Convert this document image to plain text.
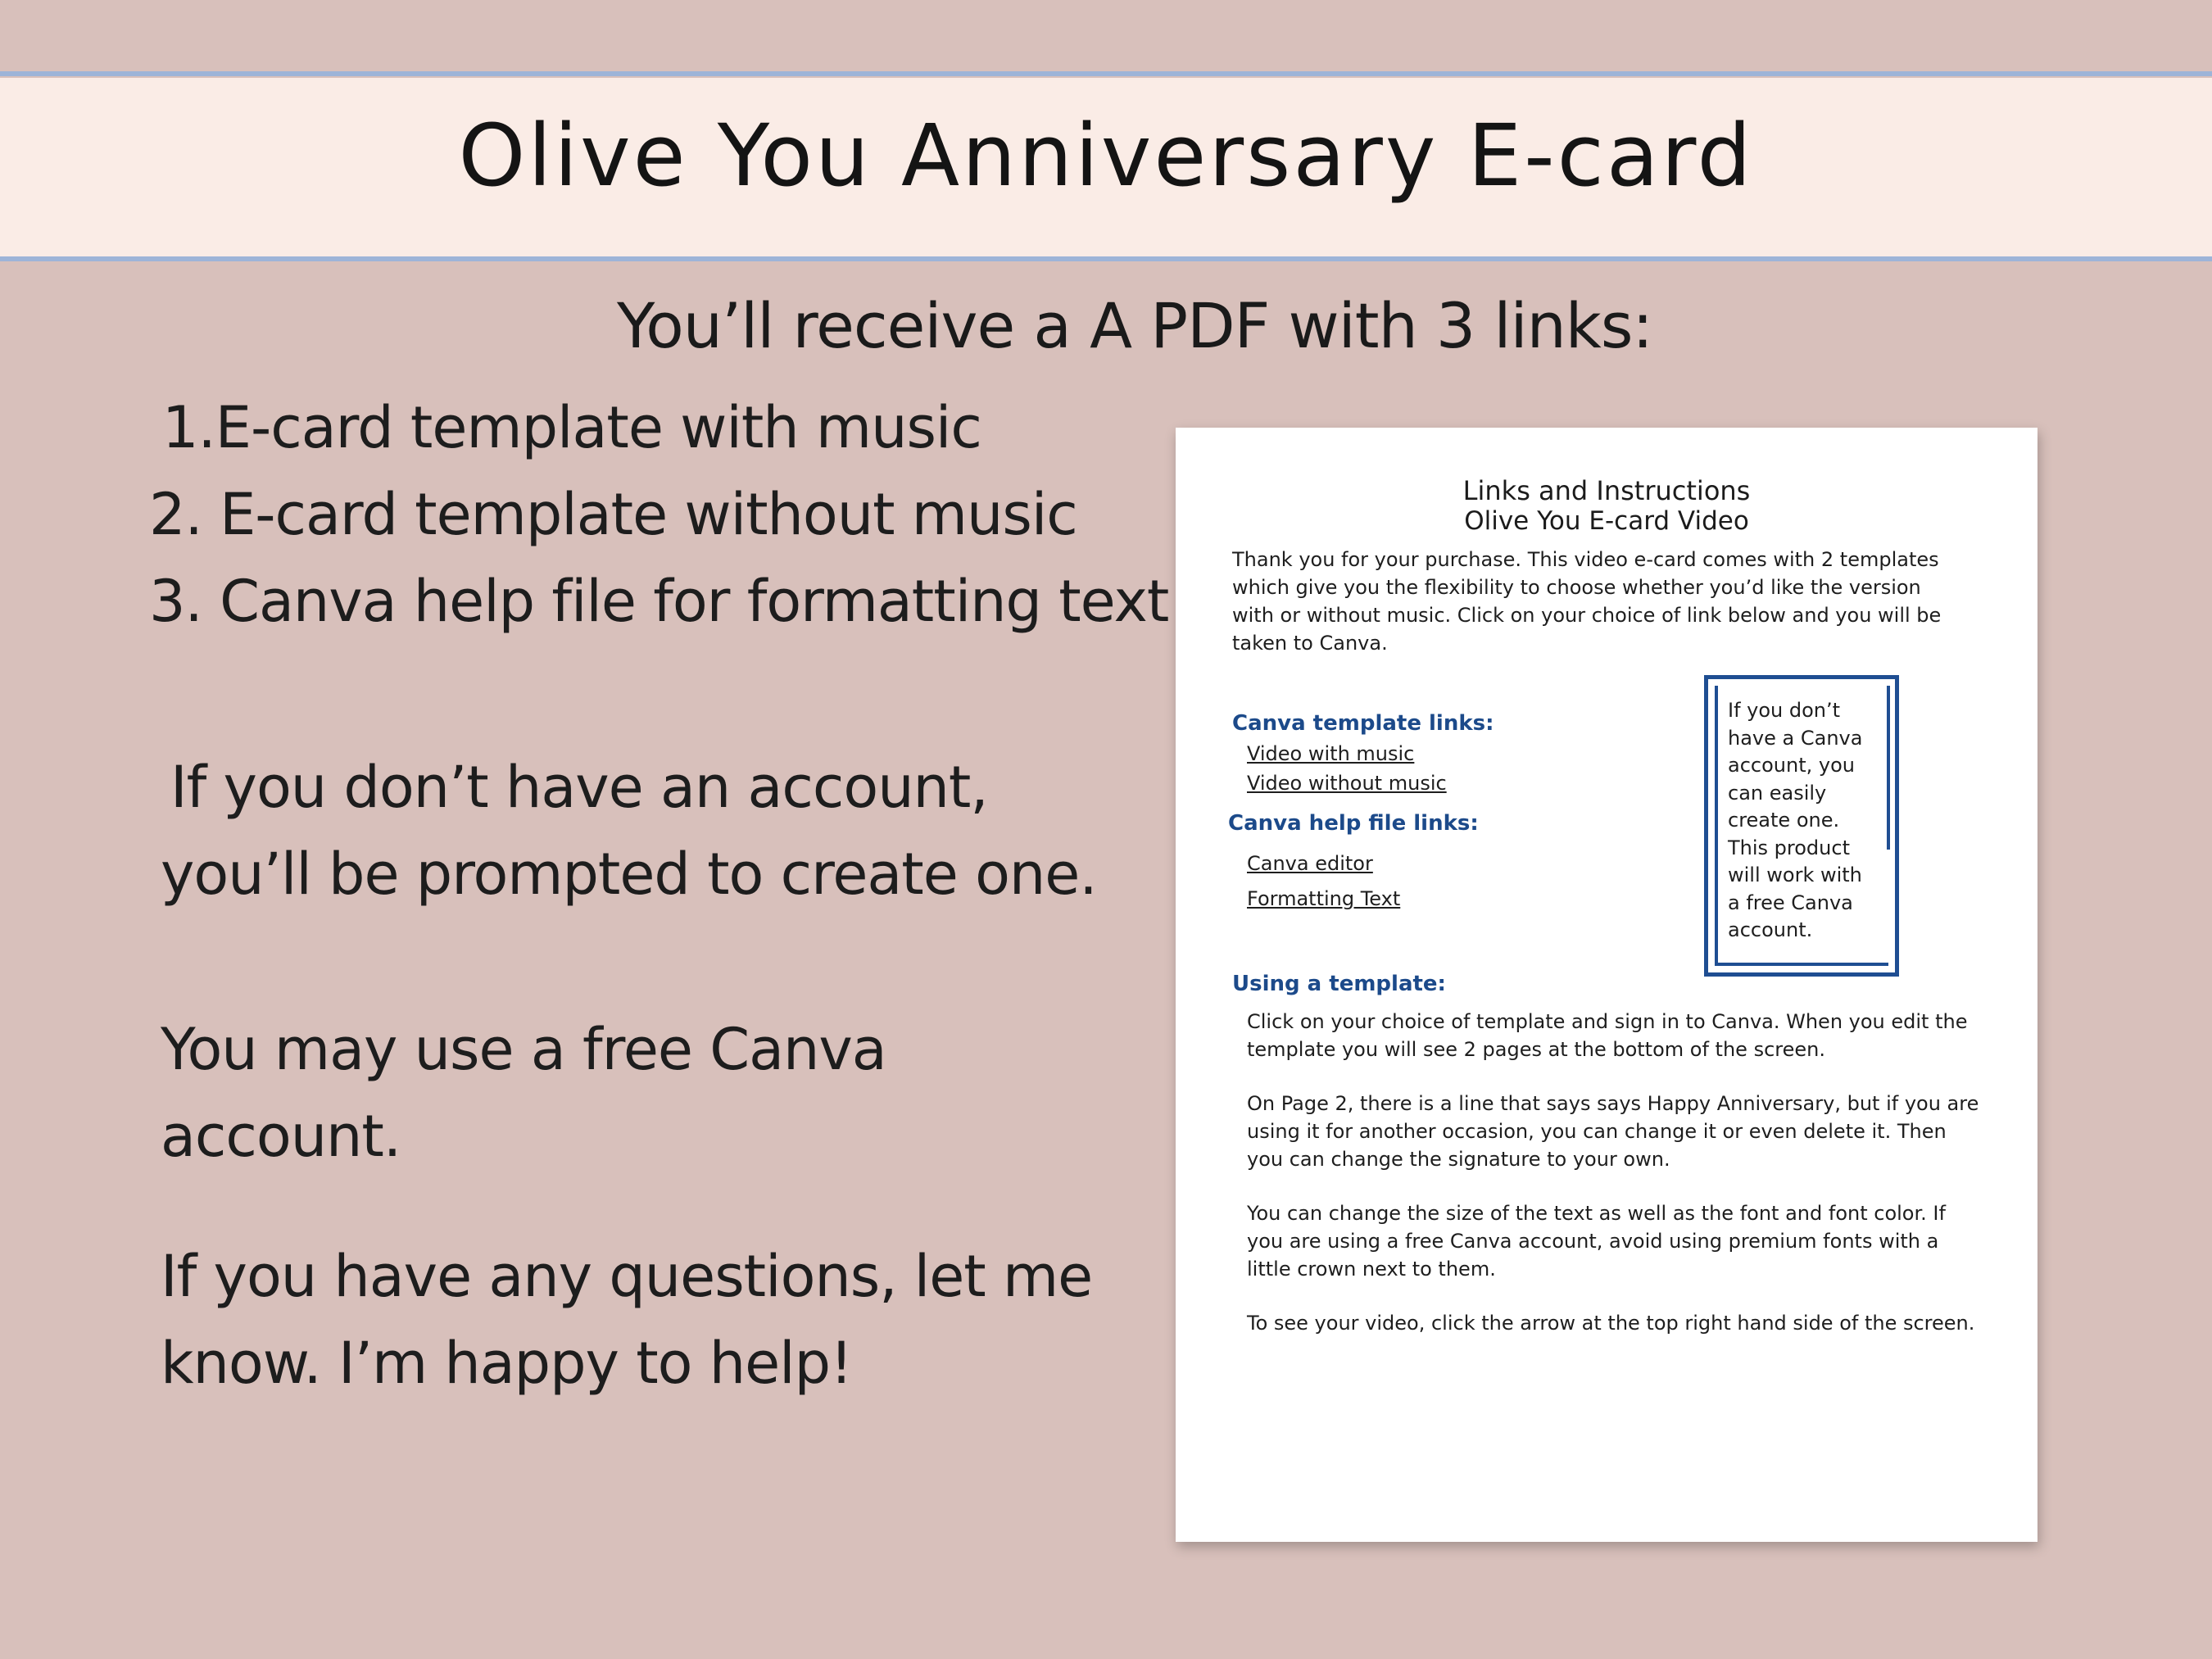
Olive You Anniversary E-card
You’ll receive a A PDF with 3 links:
1.E-card template with music
2. E-card template without music
3. Canva help file for formatting text
If you don’t have an account,
you’ll be prompted to create one.
You may use a free Canva
account.
If you have any questions, let me
know. I’m happy to help!
Links and Instructions
Olive You E-card Video
Thank you for your purchase. This video e-card comes with 2 templates
which give you the flexibility to choose whether you’d like the version
with or without music. Click on your choice of link below and you will be
taken to Canva.
Canva template links:
Video with music
Video without music
Canva help file links:
Canva editor
Formatting Text
If you don’t
have a Canva
account, you
can easily
create one.
This product
will work with
a free Canva
account.
Using a template:
Click on your choice of template and sign in to Canva. When you edit the
template you will see 2 pages at the bottom of the screen.
On Page 2, there is a line that says says Happy Anniversary, but if you are
using it for another occasion, you can change it or even delete it. Then
you can change the signature to your own.
You can change the size of the text as well as the font and font color. If
you are using a free Canva account, avoid using premium fonts with a
little crown next to them.
To see your video, click the arrow at the top right hand side of the screen.
